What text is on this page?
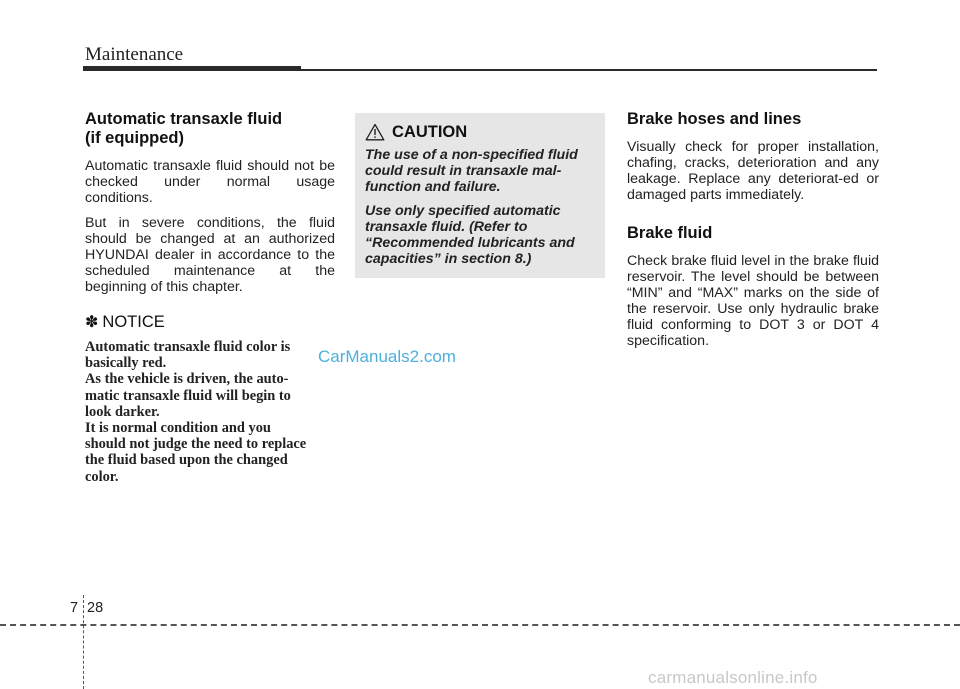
Maintenance
Automatic transaxle fluid
(if equipped)

Automatic transaxle fluid should not be checked under normal usage conditions.

But in severe conditions, the fluid should be changed at an authorized HYUNDAI dealer in accordance to the scheduled maintenance at the beginning of this chapter.

✽ NOTICE

Automatic transaxle fluid color is
basically red.
As the vehicle is driven, the auto-
matic transaxle fluid will begin to
look darker.
It is normal condition and you
should not judge the need to replace
the fluid based upon the changed
color.

CAUTION

The use of a non-specified fluid
could result in transaxle mal-
function and failure.

Use only specified automatic
transaxle fluid. (Refer to
“Recommended lubricants and
capacities” in section 8.)

Brake hoses and lines

Visually check for proper installation, chafing, cracks, deterioration and any leakage. Replace any deteriorat-ed or damaged parts immediately.

Brake fluid

Check brake fluid level in the brake fluid reservoir. The level should be between “MIN” and “MAX” marks on the side of the reservoir. Use only hydraulic brake fluid conforming to DOT 3 or DOT 4 specification.

CarManuals2.com
7 28
carmanualsonline.info
